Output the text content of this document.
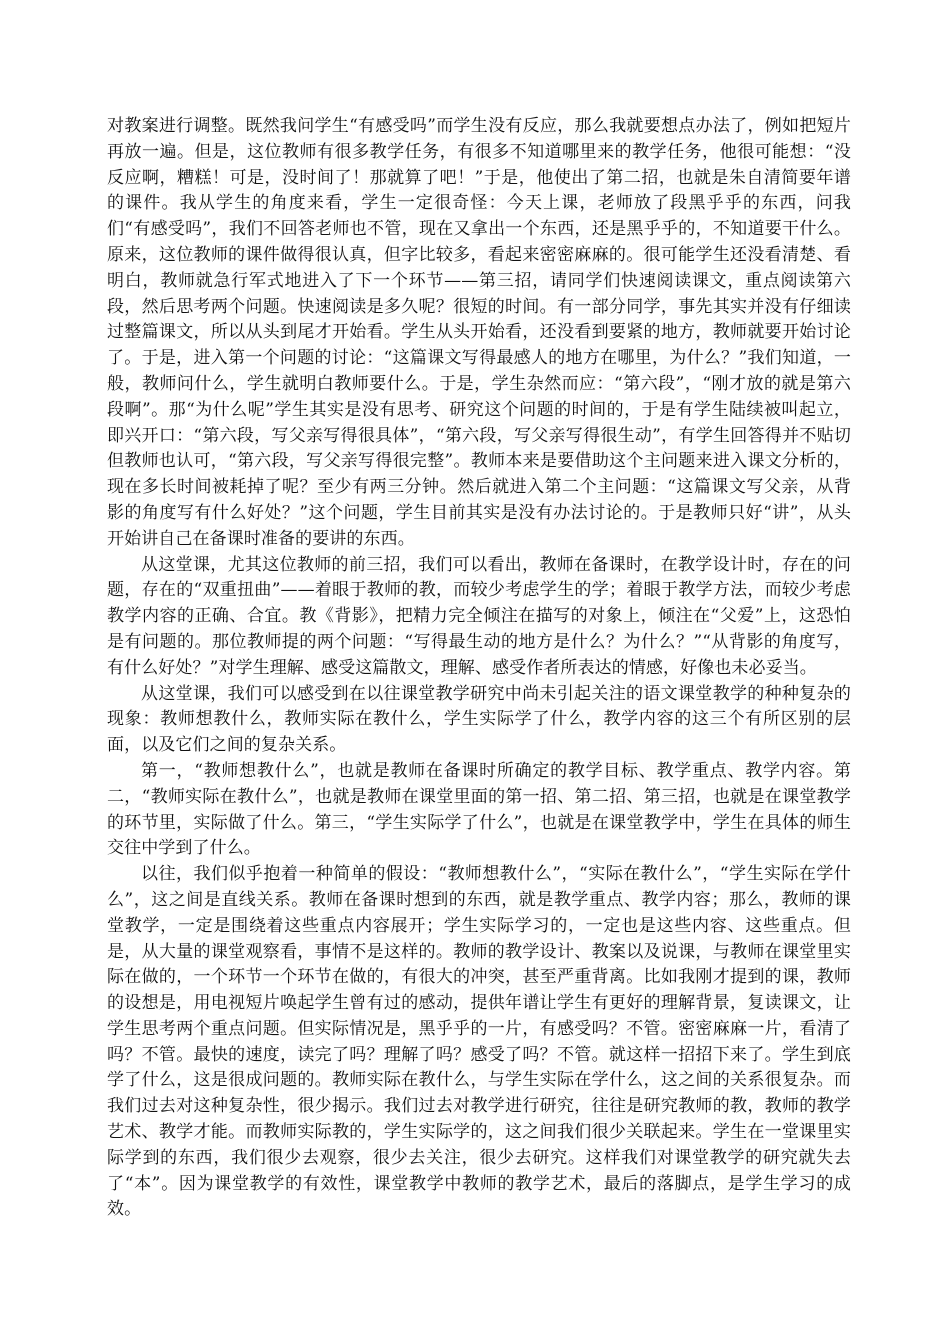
对教案进行调整。既然我问学生“有感受吗”而学生没有反应，那么我就要想点办法了，例如把短片再放一遍。但是，这位教师有很多教学任务，有很多不知道哪里来的教学任务，他很可能想：“没反应啊，糟糕！可是，没时间了！那就算了吧！”于是，他使出了第二招，也就是朱自清简要年谱的课件。我从学生的角度来看，学生一定很奇怪：今天上课，老师放了段黑乎乎的东西，问我们“有感受吗”，我们不回答老师也不管，现在又拿出一个东西，还是黑乎乎的，不知道要干什么。原来，这位教师的课件做得很认真，但字比较多，看起来密密麻麻的。很可能学生还没看清楚、看明白，教师就急行军式地进入了下一个环节——第三招，请同学们快速阅读课文，重点阅读第六段，然后思考两个问题。快速阅读是多久呢？很短的时间。有一部分同学，事先其实并没有仔细读过整篇课文，所以从头到尾才开始看。学生从头开始看，还没看到要紧的地方，教师就要开始讨论了。于是，进入第一个问题的讨论：“这篇课文写得最感人的地方在哪里，为什么？”我们知道，一般，教师问什么，学生就明白教师要什么。于是，学生杂然而应：“第六段”，“刚才放的就是第六段啊”。那“为什么呢”学生其实是没有思考、研究这个问题的时间的，于是有学生陆续被叫起立，即兴开口：“第六段，写父亲写得很具体”，“第六段，写父亲写得很生动”，有学生回答得并不贴切但教师也认可，“第六段，写父亲写得很完整”。教师本来是要借助这个主问题来进入课文分析的，现在多长时间被耗掉了呢？至少有两三分钟。然后就进入第二个主问题：“这篇课文写父亲，从背影的角度写有什么好处？”这个问题，学生目前其实是没有办法讨论的。于是教师只好“讲”，从头开始讲自己在备课时准备的要讲的东西。

从这堂课，尤其这位教师的前三招，我们可以看出，教师在备课时，在教学设计时，存在的问题，存在的“双重扭曲”——着眼于教师的教，而较少考虑学生的学；着眼于教学方法，而较少考虑教学内容的正确、合宜。教《背影》，把精力完全倾注在描写的对象上，倾注在“父爱”上，这恐怕是有问题的。那位教师提的两个问题：“写得最生动的地方是什么？为什么？”“从背影的角度写，有什么好处？”对学生理解、感受这篇散文，理解、感受作者所表达的情感，好像也未必妥当。

从这堂课，我们可以感受到在以往课堂教学研究中尚未引起关注的语文课堂教学的种种复杂的现象：教师想教什么，教师实际在教什么，学生实际学了什么，教学内容的这三个有所区别的层面，以及它们之间的复杂关系。

第一，“教师想教什么”，也就是教师在备课时所确定的教学目标、教学重点、教学内容。第二，“教师实际在教什么”，也就是教师在课堂里面的第一招、第二招、第三招，也就是在课堂教学的环节里，实际做了什么。第三，“学生实际学了什么”，也就是在课堂教学中，学生在具体的师生交往中学到了什么。

以往，我们似乎抱着一种简单的假设：“教师想教什么”，“实际在教什么”，“学生实际在学什么”，这之间是直线关系。教师在备课时想到的东西，就是教学重点、教学内容；那么，教师的课堂教学，一定是围绕着这些重点内容展开；学生实际学习的，一定也是这些内容、这些重点。但是，从大量的课堂观察看，事情不是这样的。教师的教学设计、教案以及说课，与教师在课堂里实际在做的，一个环节一个环节在做的，有很大的冲突，甚至严重背离。比如我刚才提到的课，教师的设想是，用电视短片唤起学生曾有过的感动，提供年谱让学生有更好的理解背景，复读课文，让学生思考两个重点问题。但实际情况是，黑乎乎的一片，有感受吗？不管。密密麻麻一片，看清了吗？不管。最快的速度，读完了吗？理解了吗？感受了吗？不管。就这样一招招下来了。学生到底学了什么，这是很成问题的。教师实际在教什么，与学生实际在学什么，这之间的关系很复杂。而我们过去对这种复杂性，很少揭示。我们过去对教学进行研究，往往是研究教师的教，教师的教学艺术、教学才能。而教师实际教的，学生实际学的，这之间我们很少关联起来。学生在一堂课里实际学到的东西，我们很少去观察，很少去关注，很少去研究。这样我们对课堂教学的研究就失去了“本”。因为课堂教学的有效性，课堂教学中教师的教学艺术，最后的落脚点，是学生学习的成效。
